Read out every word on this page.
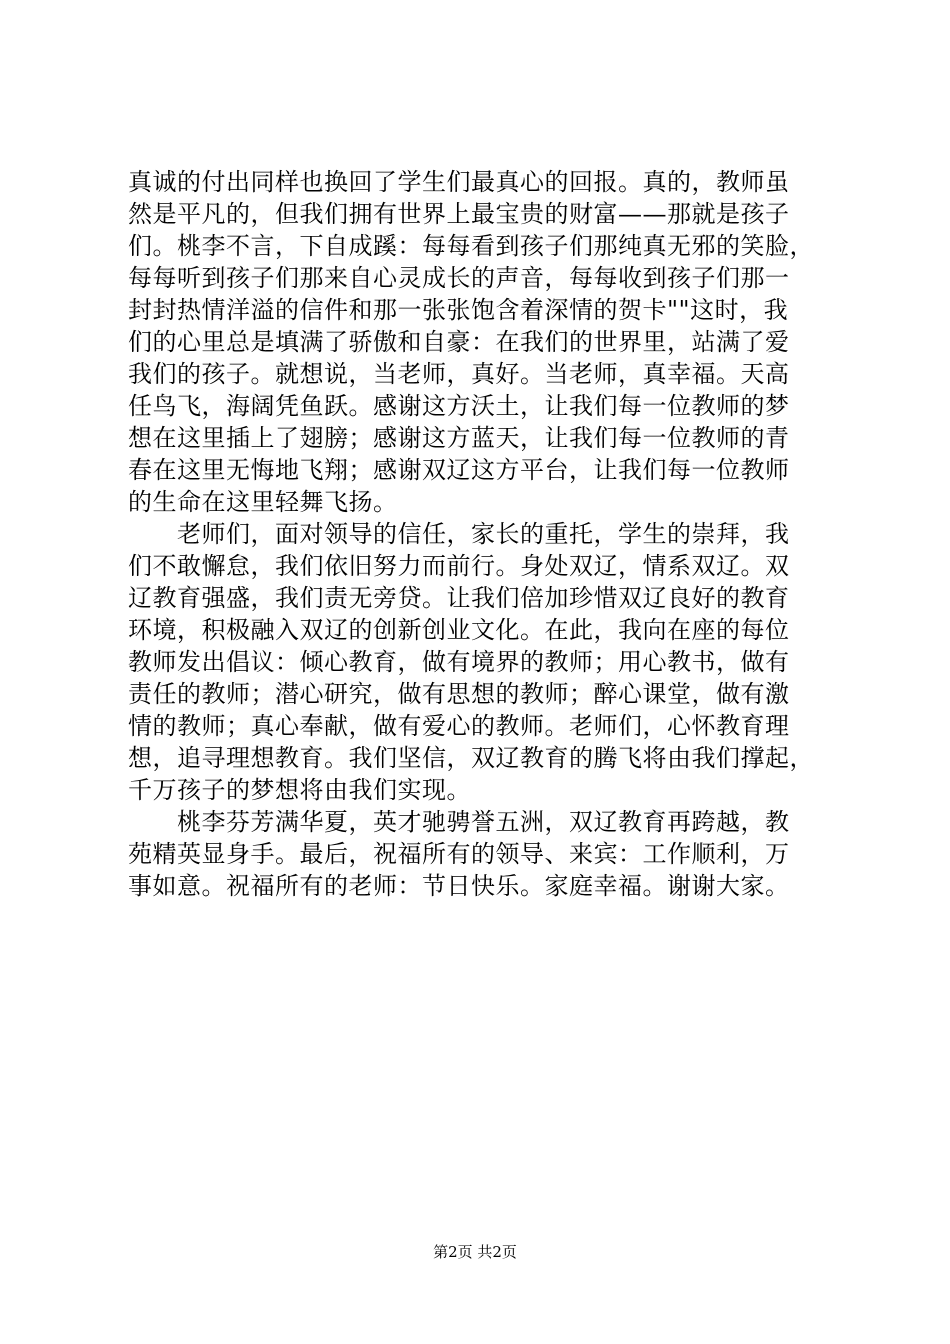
真诚的付出同样也换回了学生们最真心的回报。真的，教师虽
然是平凡的，但我们拥有世界上最宝贵的财富——那就是孩子
们。桃李不言，下自成蹊：每每看到孩子们那纯真无邪的笑脸，
每每听到孩子们那来自心灵成长的声音，每每收到孩子们那一
封封热情洋溢的信件和那一张张饱含着深情的贺卡""这时，我
们的心里总是填满了骄傲和自豪：在我们的世界里，站满了爱
我们的孩子。就想说，当老师，真好。当老师，真幸福。天高
任鸟飞，海阔凭鱼跃。感谢这方沃土，让我们每一位教师的梦
想在这里插上了翅膀；感谢这方蓝天，让我们每一位教师的青
春在这里无悔地飞翔；感谢双辽这方平台，让我们每一位教师
的生命在这里轻舞飞扬。
　　老师们，面对领导的信任，家长的重托，学生的崇拜，我
们不敢懈怠，我们依旧努力而前行。身处双辽，情系双辽。双
辽教育强盛，我们责无旁贷。让我们倍加珍惜双辽良好的教育
环境，积极融入双辽的创新创业文化。在此，我向在座的每位
教师发出倡议：倾心教育，做有境界的教师；用心教书，做有
责任的教师；潜心研究，做有思想的教师；醉心课堂，做有激
情的教师；真心奉献，做有爱心的教师。老师们，心怀教育理
想，追寻理想教育。我们坚信，双辽教育的腾飞将由我们撑起，
千万孩子的梦想将由我们实现。
　　桃李芬芳满华夏，英才驰骋誉五洲，双辽教育再跨越，教
苑精英显身手。最后，祝福所有的领导、来宾：工作顺利，万
事如意。祝福所有的老师：节日快乐。家庭幸福。谢谢大家。
第2页 共2页
